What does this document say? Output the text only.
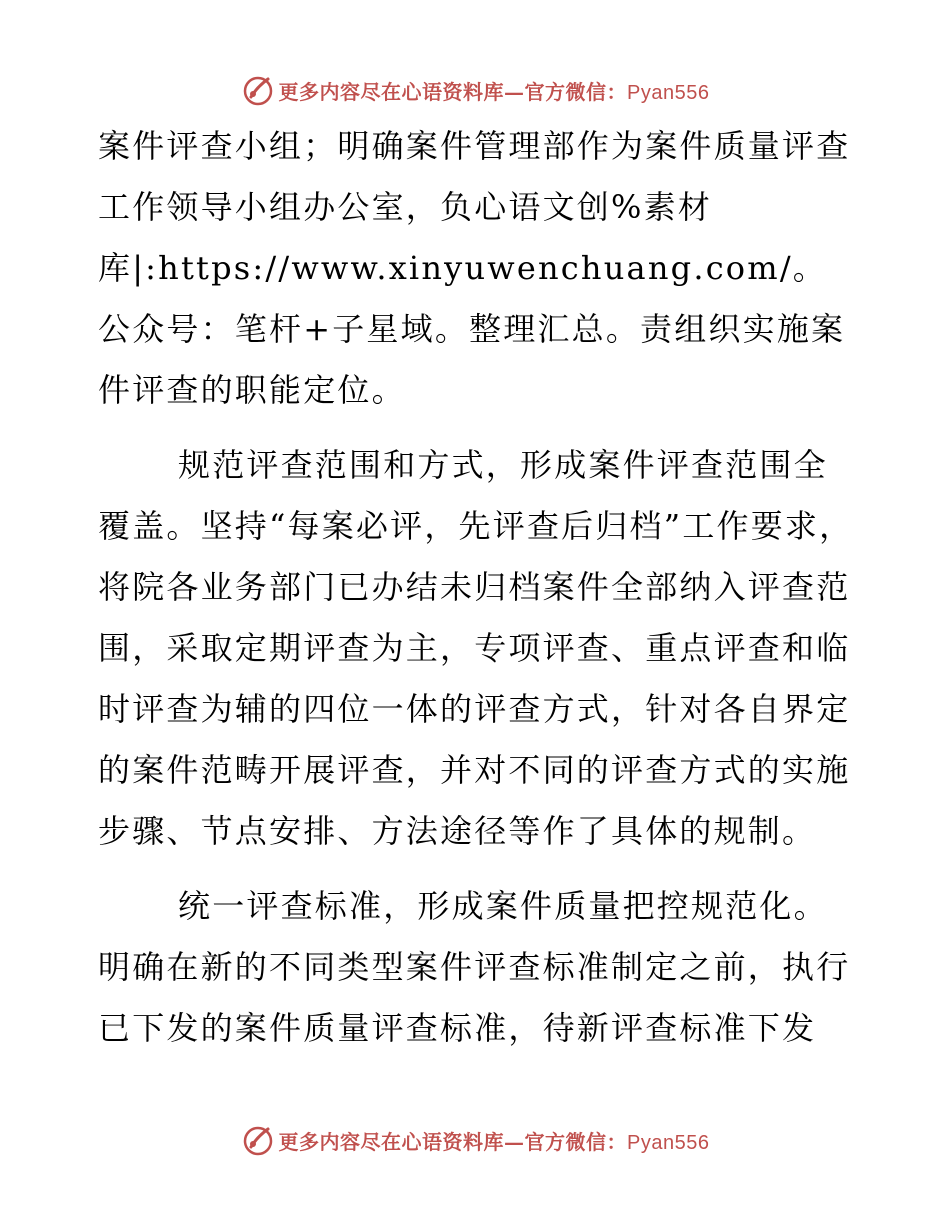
更多内容尽在心语资料库—官方微信：Pyan556

案件评查小组；明确案件管理部作为案件质量评查工作领导小组办公室，负心语文创%素材库|:https://www.xinyuwenchuang.com/。公众号：笔杆+子星域。整理汇总。责组织实施案件评查的职能定位。

规范评查范围和方式，形成案件评查范围全覆盖。坚持“每案必评，先评查后归档”工作要求，将院各业务部门已办结未归档案件全部纳入评查范围，采取定期评查为主，专项评查、重点评查和临时评查为辅的四位一体的评查方式，针对各自界定的案件范畴开展评查，并对不同的评查方式的实施步骤、节点安排、方法途径等作了具体的规制。

统一评查标准，形成案件质量把控规范化。明确在新的不同类型案件评查标准制定之前，执行已下发的案件质量评查标准，待新评查标准下发

更多内容尽在心语资料库—官方微信：Pyan556
